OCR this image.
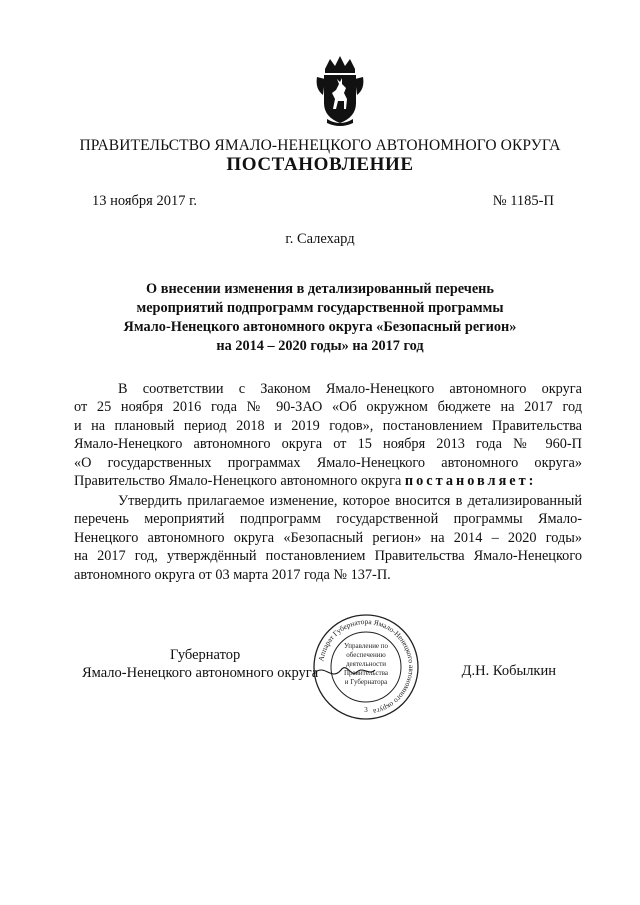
ПРАВИТЕЛЬСТВО ЯМАЛО-НЕНЕЦКОГО АВТОНОМНОГО ОКРУГА
ПОСТАНОВЛЕНИЕ
13 ноября 2017 г.	№ 1185-П
г. Салехард
О внесении изменения в детализированный перечень
мероприятий подпрограмм государственной программы
Ямало-Ненецкого автономного округа «Безопасный регион»
на 2014 – 2020 годы» на 2017 год
В соответствии с Законом Ямало-Ненецкого автономного округа
от 25 ноября 2016 года № 90-ЗАО «Об окружном бюджете на 2017 год
и на плановый период 2018 и 2019 годов», постановлением Правительства
Ямало-Ненецкого автономного округа от 15 ноября 2013 года № 960-П
«О государственных программах Ямало-Ненецкого автономного округа»
Правительство Ямало-Ненецкого автономного округа постановляет:
Утвердить прилагаемое изменение, которое вносится в детализированный
перечень мероприятий подпрограмм государственной программы Ямало-
Ненецкого автономного округа «Безопасный регион» на 2014 – 2020 годы»
на 2017 год, утверждённый постановлением Правительства Ямало-Ненецкого
автономного округа от 03 марта 2017 года № 137-П.
Губернатор
Ямало-Ненецкого автономного округа	Д.Н. Кобылкин
Аппарат Губернатора Ямало-Ненецкого автономного округа
Управление по
обеспечению
деятельности
Правительства
и Губернатора
3
